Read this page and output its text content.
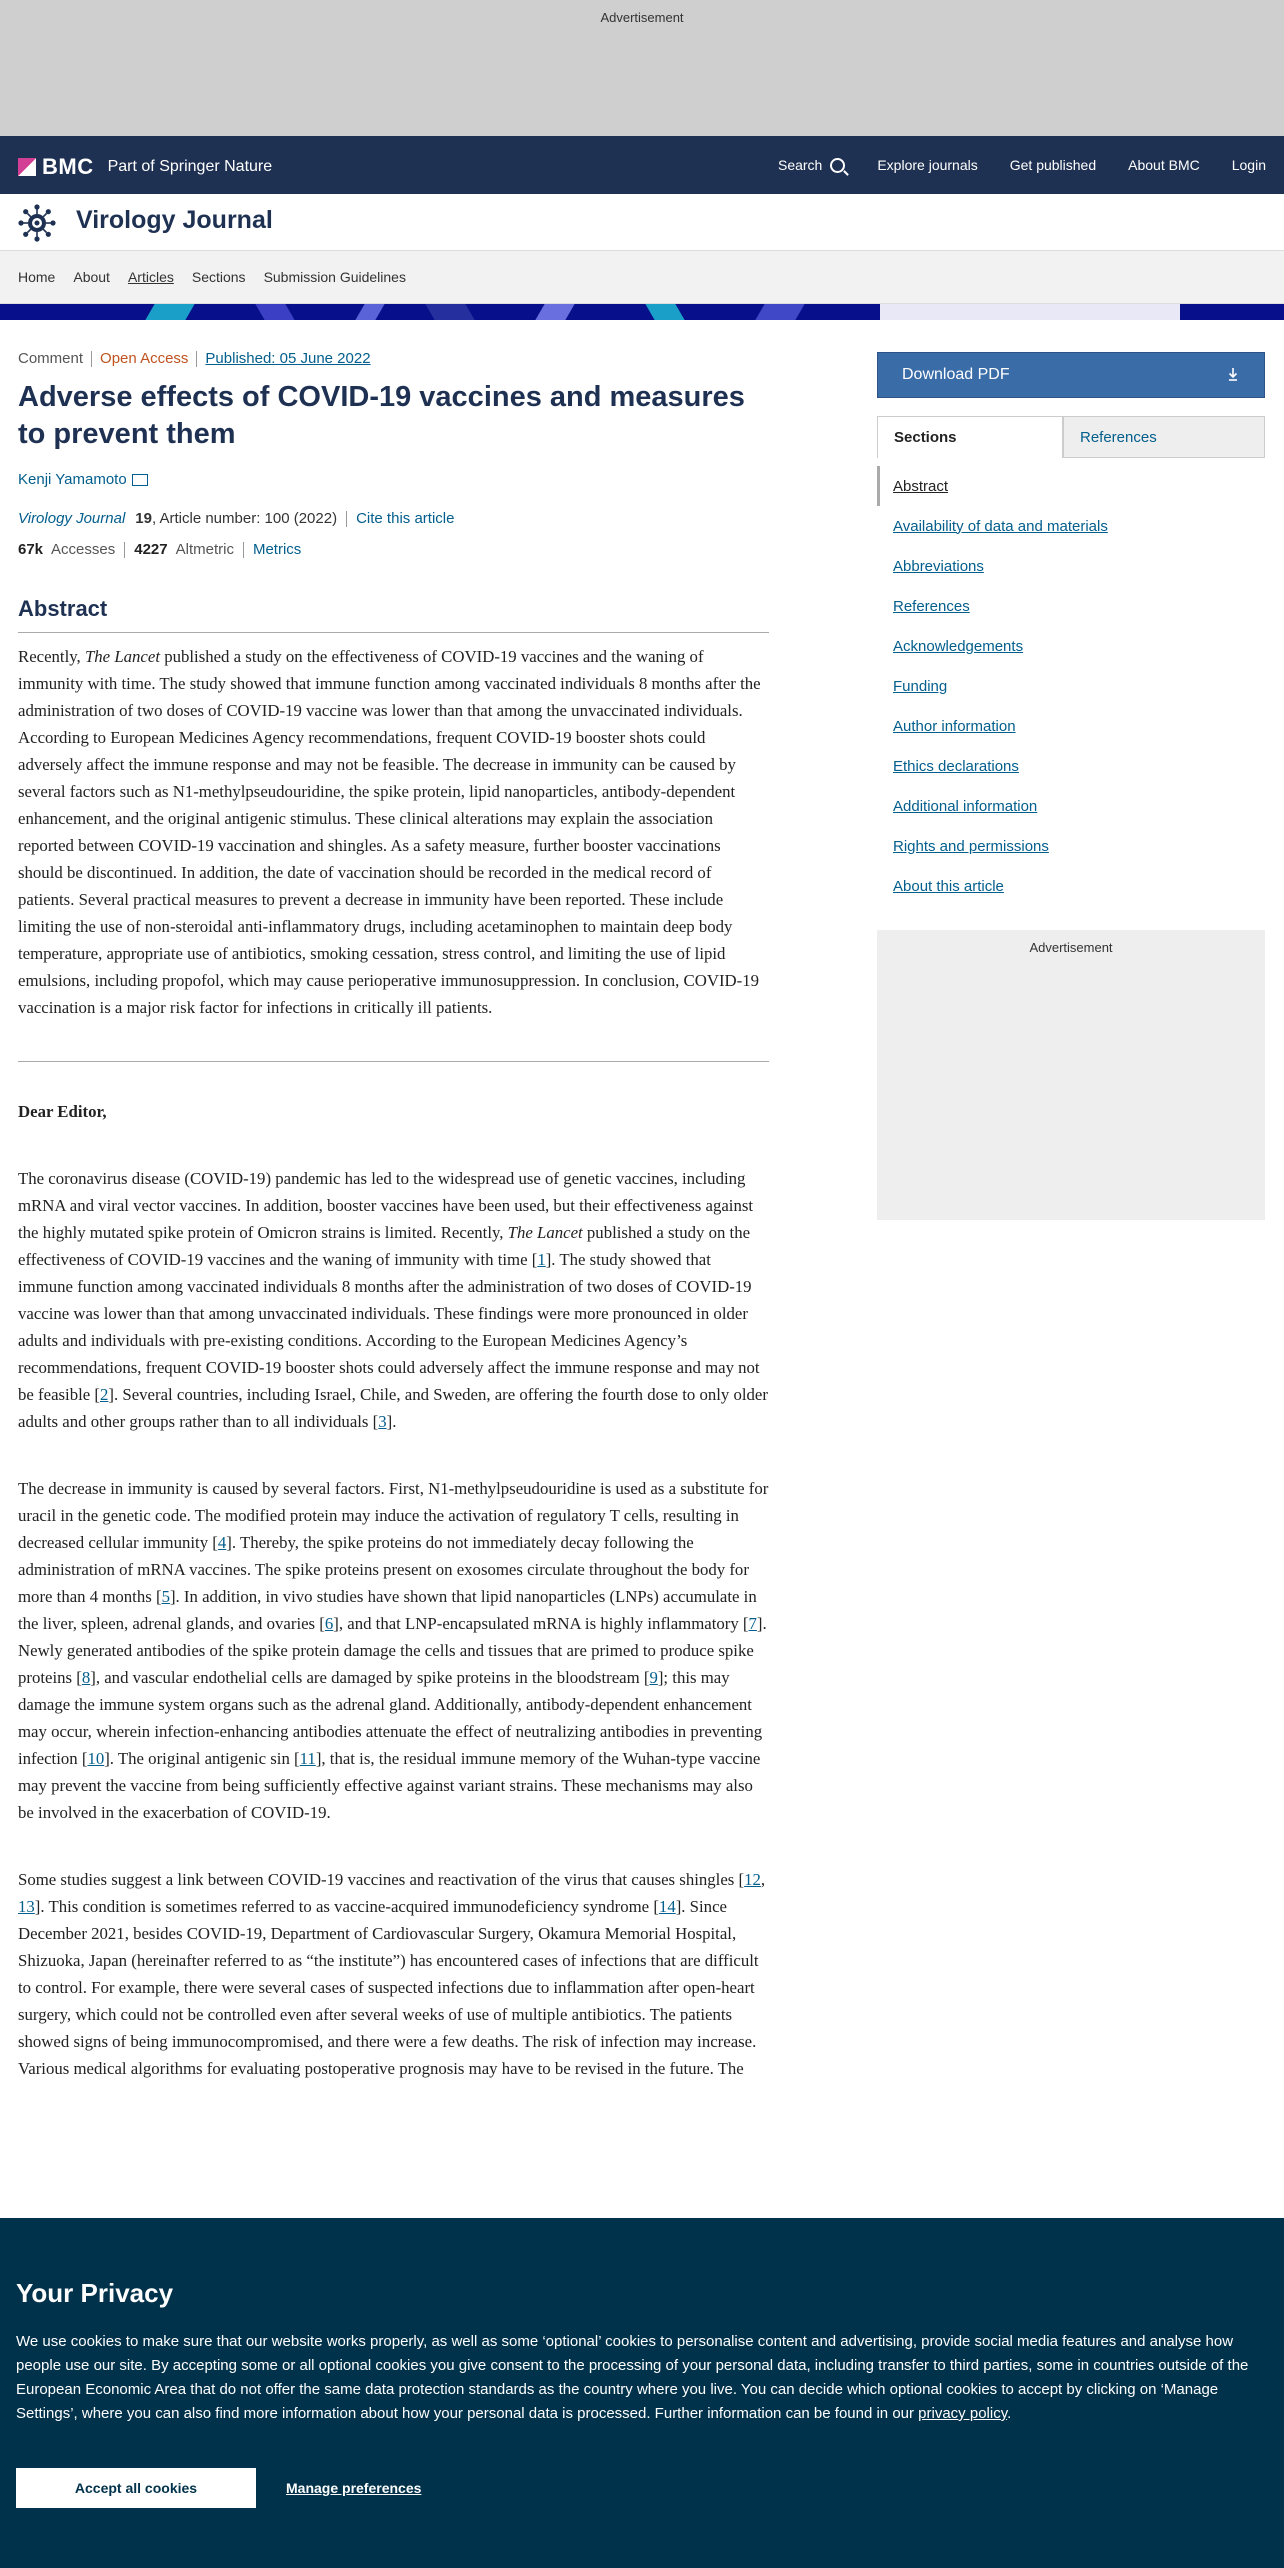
Advertisement
BMC Part of Springer Nature	Search	Explore journals Get published About BMC Login
Virology Journal
Home About Articles Sections Submission Guidelines
Comment Open Access Published: 05 June 2022
Adverse effects of COVID-19 vaccines and measures to prevent them
Kenji Yamamoto
Virology Journal 19 , Article number: 100 (2022) Cite this article
67k Accesses 4227 Altmetric Metrics
Abstract
Recently, The Lancet published a study on the effectiveness of COVID-19 vaccines and the waning of immunity with time. The study showed that immune function among vaccinated individuals 8 months after the administration of two doses of COVID-19 vaccine was lower than that among the unvaccinated individuals. According to European Medicines Agency recommendations, frequent COVID-19 booster shots could adversely affect the immune response and may not be feasible. The decrease in immunity can be caused by several factors such as N1-methylpseudouridine, the spike protein, lipid nanoparticles, antibody-dependent enhancement, and the original antigenic stimulus. These clinical alterations may explain the association reported between COVID-19 vaccination and shingles. As a safety measure, further booster vaccinations should be discontinued. In addition, the date of vaccination should be recorded in the medical record of patients. Several practical measures to prevent a decrease in immunity have been reported. These include limiting the use of non-steroidal anti-inflammatory drugs, including acetaminophen to maintain deep body temperature, appropriate use of antibiotics, smoking cessation, stress control, and limiting the use of lipid emulsions, including propofol, which may cause perioperative immunosuppression. In conclusion, COVID-19 vaccination is a major risk factor for infections in critically ill patients.
Dear Editor,
The coronavirus disease (COVID-19) pandemic has led to the widespread use of genetic vaccines, including mRNA and viral vector vaccines. In addition, booster vaccines have been used, but their effectiveness against the highly mutated spike protein of Omicron strains is limited. Recently, The Lancet published a study on the effectiveness of COVID-19 vaccines and the waning of immunity with time [1]. The study showed that immune function among vaccinated individuals 8 months after the administration of two doses of COVID-19 vaccine was lower than that among unvaccinated individuals. These findings were more pronounced in older adults and individuals with pre-existing conditions. According to the European Medicines Agency’s recommendations, frequent COVID-19 booster shots could adversely affect the immune response and may not be feasible [2]. Several countries, including Israel, Chile, and Sweden, are offering the fourth dose to only older adults and other groups rather than to all individuals [3].
The decrease in immunity is caused by several factors. First, N1-methylpseudouridine is used as a substitute for uracil in the genetic code. The modified protein may induce the activation of regulatory T cells, resulting in decreased cellular immunity [4]. Thereby, the spike proteins do not immediately decay following the administration of mRNA vaccines. The spike proteins present on exosomes circulate throughout the body for more than 4 months [5]. In addition, in vivo studies have shown that lipid nanoparticles (LNPs) accumulate in the liver, spleen, adrenal glands, and ovaries [6], and that LNP-encapsulated mRNA is highly inflammatory [7]. Newly generated antibodies of the spike protein damage the cells and tissues that are primed to produce spike proteins [8], and vascular endothelial cells are damaged by spike proteins in the bloodstream [9]; this may damage the immune system organs such as the adrenal gland. Additionally, antibody-dependent enhancement may occur, wherein infection-enhancing antibodies attenuate the effect of neutralizing antibodies in preventing infection [10]. The original antigenic sin [11], that is, the residual immune memory of the Wuhan-type vaccine may prevent the vaccine from being sufficiently effective against variant strains. These mechanisms may also be involved in the exacerbation of COVID-19.
Some studies suggest a link between COVID-19 vaccines and reactivation of the virus that causes shingles [12, 13]. This condition is sometimes referred to as vaccine-acquired immunodeficiency syndrome [14]. Since December 2021, besides COVID-19, Department of Cardiovascular Surgery, Okamura Memorial Hospital, Shizuoka, Japan (hereinafter referred to as “the institute”) has encountered cases of infections that are difficult to control. For example, there were several cases of suspected infections due to inflammation after open-heart surgery, which could not be controlled even after several weeks of use of multiple antibiotics. The patients showed signs of being immunocompromised, and there were a few deaths. The risk of infection may increase. Various medical algorithms for evaluating postoperative prognosis may have to be revised in the future. The
Download PDF
Sections	References
Abstract
Availability of data and materials
Abbreviations
References
Acknowledgements
Funding
Author information
Ethics declarations
Additional information
Rights and permissions
About this article
Advertisement
Your Privacy

We use cookies to make sure that our website works properly, as well as some ‘optional’ cookies to personalise content and advertising, provide social media features and analyse how people use our site. By accepting some or all optional cookies you give consent to the processing of your personal data, including transfer to third parties, some in countries outside of the European Economic Area that do not offer the same data protection standards as the country where you live. You can decide which optional cookies to accept by clicking on ‘Manage Settings’, where you can also find more information about how your personal data is processed. Further information can be found in our privacy policy.

Accept all cookies	Manage preferences
